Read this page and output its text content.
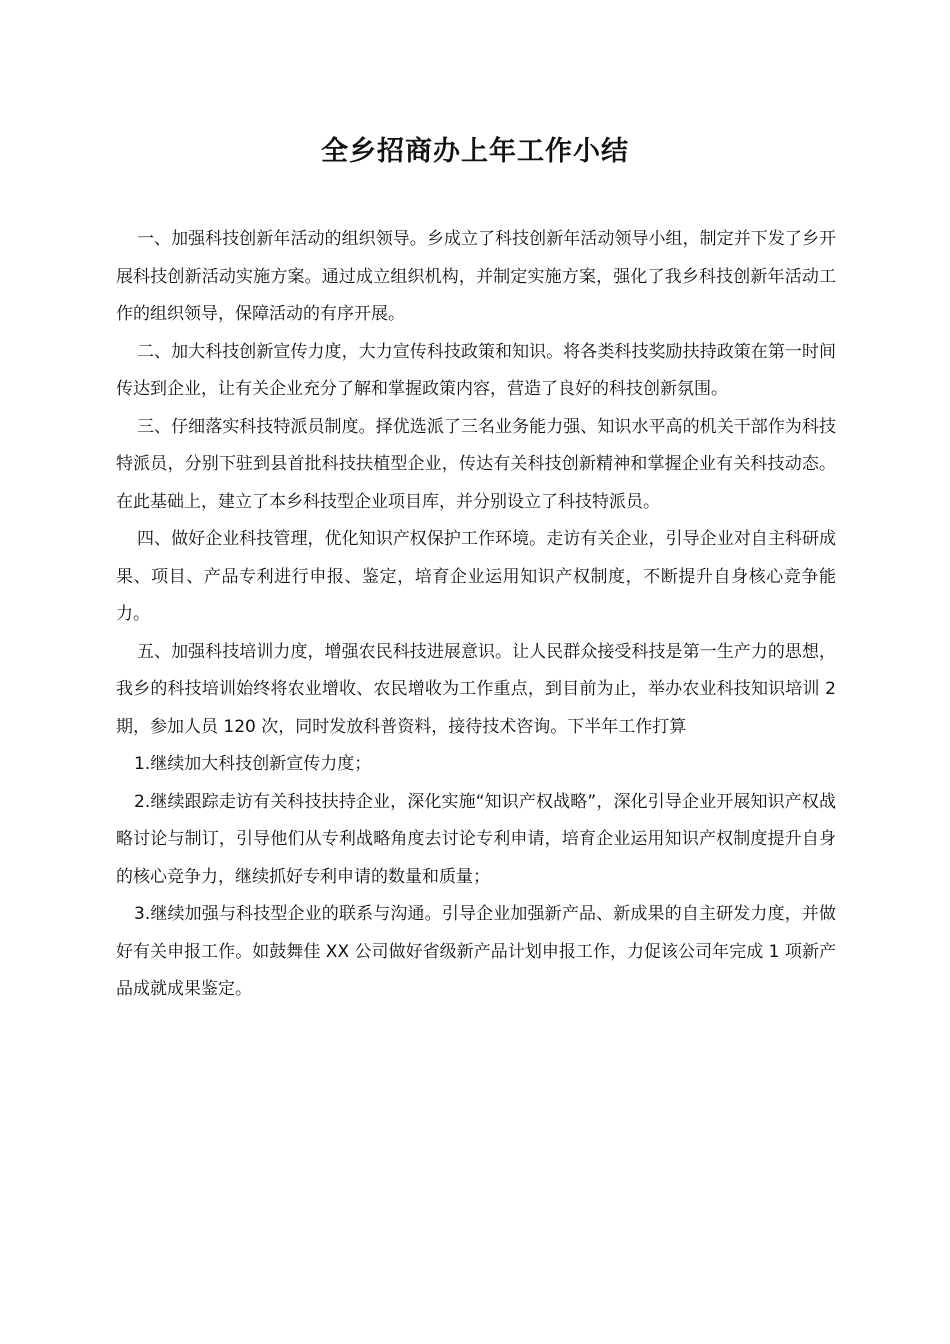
全乡招商办上年工作小结

一、加强科技创新年活动的组织领导。乡成立了科技创新年活动领导小组，制定并下发了乡开展科技创新活动实施方案。通过成立组织机构，并制定实施方案，强化了我乡科技创新年活动工作的组织领导，保障活动的有序开展。

二、加大科技创新宣传力度，大力宣传科技政策和知识。将各类科技奖励扶持政策在第一时间传达到企业，让有关企业充分了解和掌握政策内容，营造了良好的科技创新氛围。

三、仔细落实科技特派员制度。择优选派了三名业务能力强、知识水平高的机关干部作为科技特派员，分别下驻到县首批科技扶植型企业，传达有关科技创新精神和掌握企业有关科技动态。在此基础上，建立了本乡科技型企业项目库，并分别设立了科技特派员。

四、做好企业科技管理，优化知识产权保护工作环境。走访有关企业，引导企业对自主科研成果、项目、产品专利进行申报、鉴定，培育企业运用知识产权制度，不断提升自身核心竞争能力。

五、加强科技培训力度，增强农民科技进展意识。让人民群众接受科技是第一生产力的思想，我乡的科技培训始终将农业增收、农民增收为工作重点，到目前为止，举办农业科技知识培训 2 期，参加人员 120 次，同时发放科普资料，接待技术咨询。下半年工作打算

1.继续加大科技创新宣传力度；

2.继续跟踪走访有关科技扶持企业，深化实施“知识产权战略”，深化引导企业开展知识产权战略讨论与制订，引导他们从专利战略角度去讨论专利申请，培育企业运用知识产权制度提升自身的核心竞争力，继续抓好专利申请的数量和质量；

3.继续加强与科技型企业的联系与沟通。引导企业加强新产品、新成果的自主研发力度，并做好有关申报工作。如鼓舞佳 XX 公司做好省级新产品计划申报工作，力促该公司年完成 1 项新产品成就成果鉴定。
